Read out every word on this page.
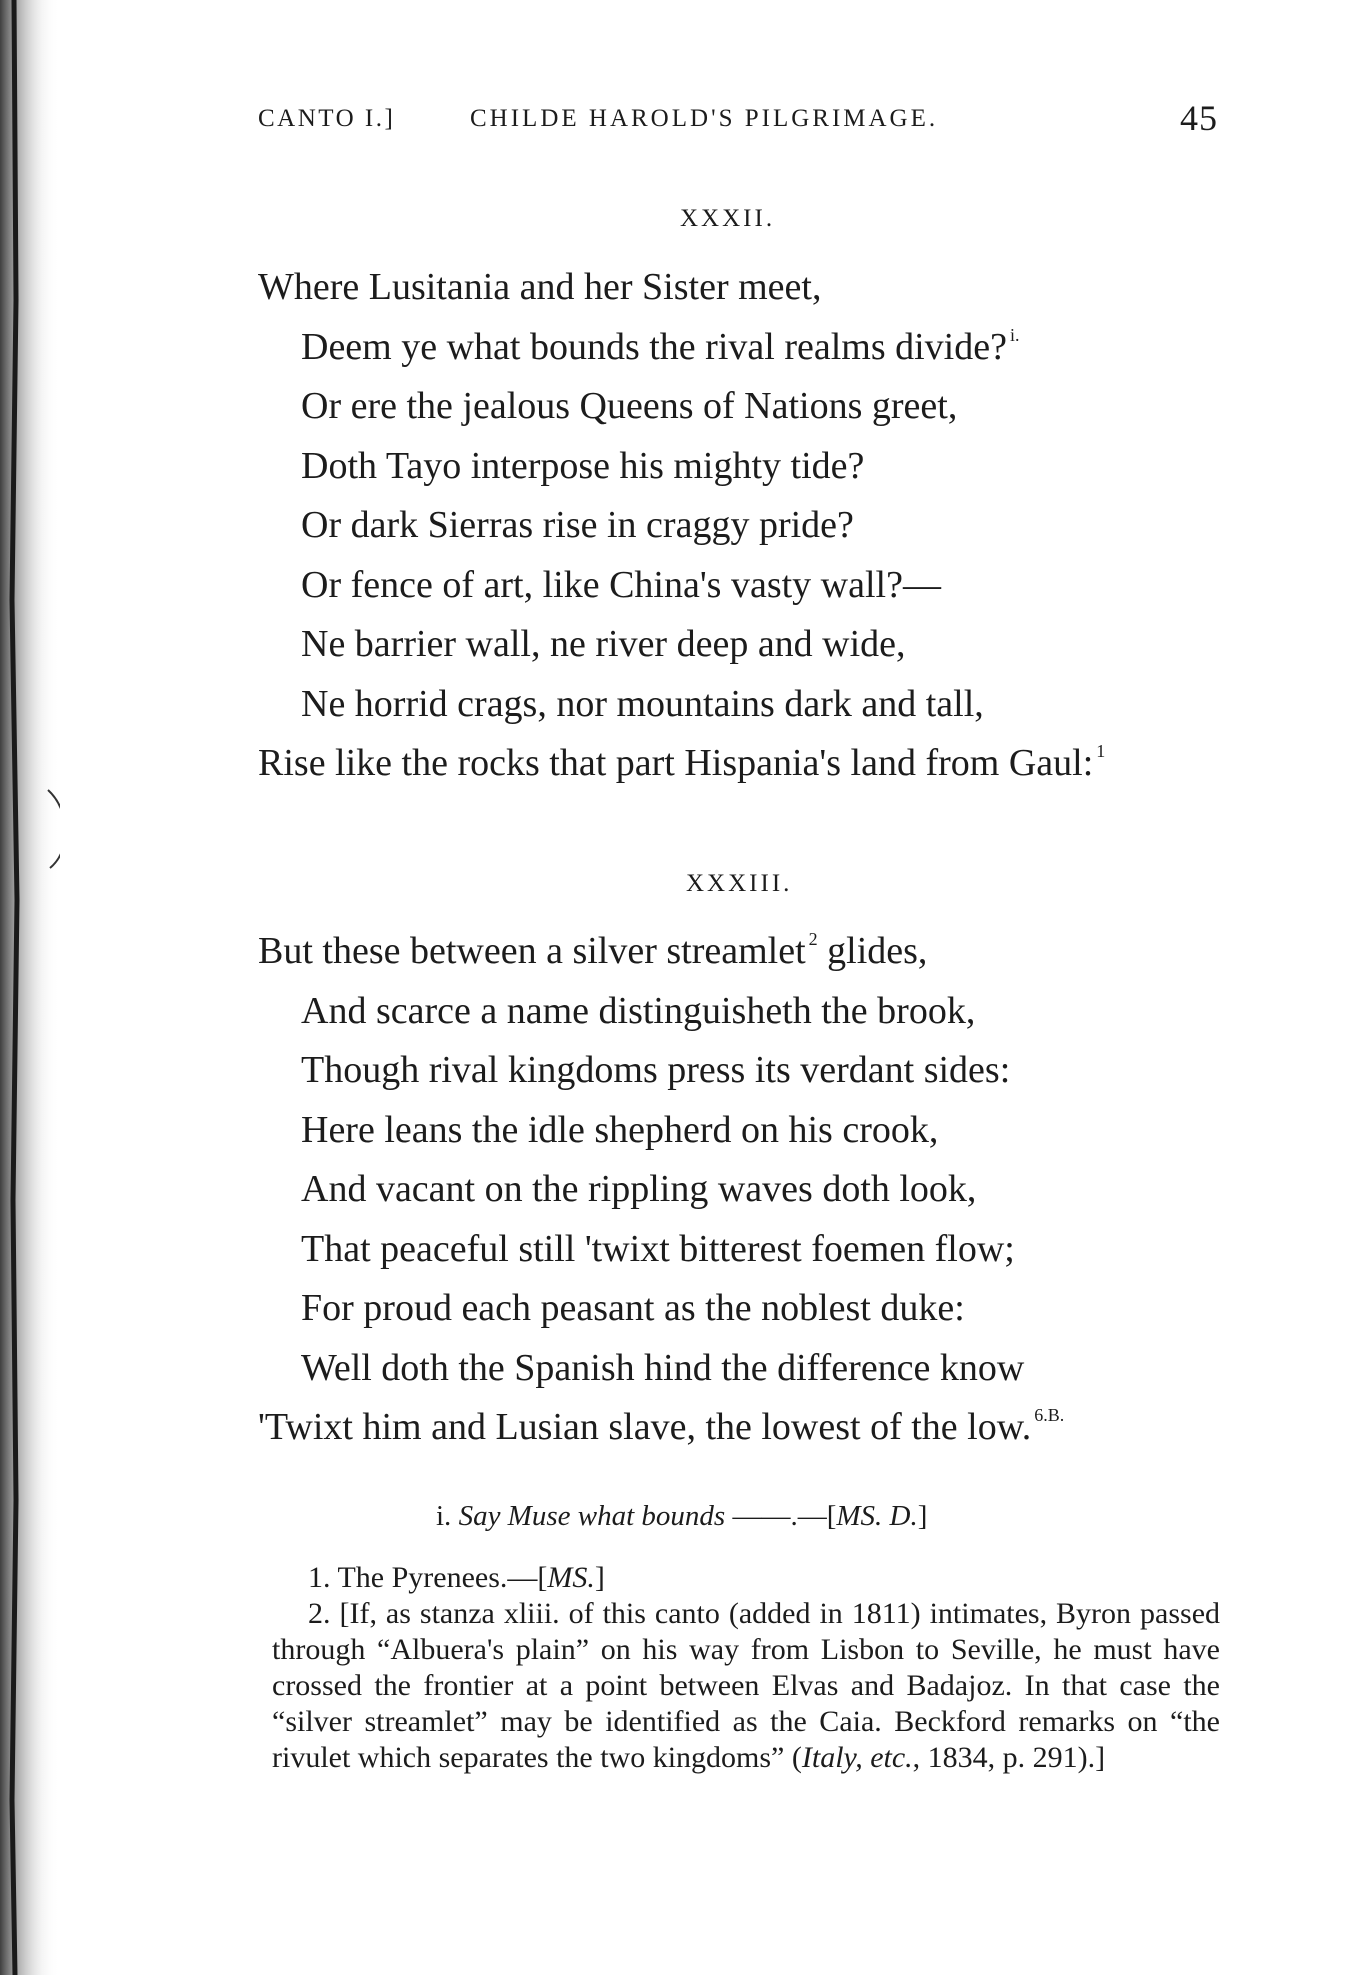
CANTO I.]	CHILDE HAROLD'S PILGRIMAGE.	45
XXXII.
Where Lusitania and her Sister meet,
Deem ye what bounds the rival realms divide? $^{i.}$
Or ere the jealous Queens of Nations greet,
Doth Tayo interpose his mighty tide?
Or dark Sierras rise in craggy pride?
Or fence of art, like China's vasty wall?—
Ne barrier wall, ne river deep and wide,
Ne horrid crags, nor mountains dark and tall,
Rise like the rocks that part Hispania's land from Gaul: $^1$
XXXIII.
But these between a silver streamlet $^2$ glides,
And scarce a name distinguisheth the brook,
Though rival kingdoms press its verdant sides:
Here leans the idle shepherd on his crook,
And vacant on the rippling waves doth look,
That peaceful still 'twixt bitterest foemen flow;
For proud each peasant as the noblest duke:
Well doth the Spanish hind the difference know
'Twixt him and Lusian slave, the lowest of the low. $^{6.B.}$
i. Say Muse what bounds ——.—[MS. D.]

1. The Pyrenees.—[MS.]

2. [If, as stanza xliii. of this canto (added in 1811) intimates, Byron passed through “Albuera's plain” on his way from Lisbon to Seville, he must have crossed the frontier at a point between Elvas and Badajoz. In that case the “silver streamlet” may be identified as the Caia. Beckford remarks on “the rivulet which separates the two kingdoms” (Italy, etc., 1834, p. 291).]
